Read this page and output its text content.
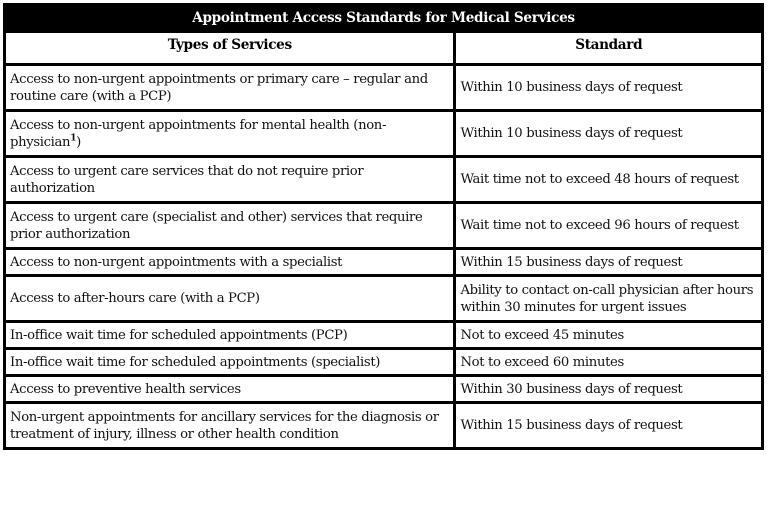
Appointment Access Standards for Medical Services	
Types of Services	Standard
Access to non-urgent appointments or primary care – regular and routine care (with a PCP)	Within 10 business days of request
Access to non-urgent appointments for mental health (non-physician$^1$)	Within 10 business days of request
Access to urgent care services that do not require prior authorization	Wait time not to exceed 48 hours of request
Access to urgent care (specialist and other) services that require prior authorization	Wait time not to exceed 96 hours of request
Access to non-urgent appointments with a specialist	Within 15 business days of request
Access to after-hours care (with a PCP)	Ability to contact on-call physician after hours within 30 minutes for urgent issues
In-office wait time for scheduled appointments (PCP)	Not to exceed 45 minutes
In-office wait time for scheduled appointments (specialist)	Not to exceed 60 minutes
Access to preventive health services	Within 30 business days of request
Non-urgent appointments for ancillary services for the diagnosis or treatment of injury, illness or other health condition	Within 15 business days of request
